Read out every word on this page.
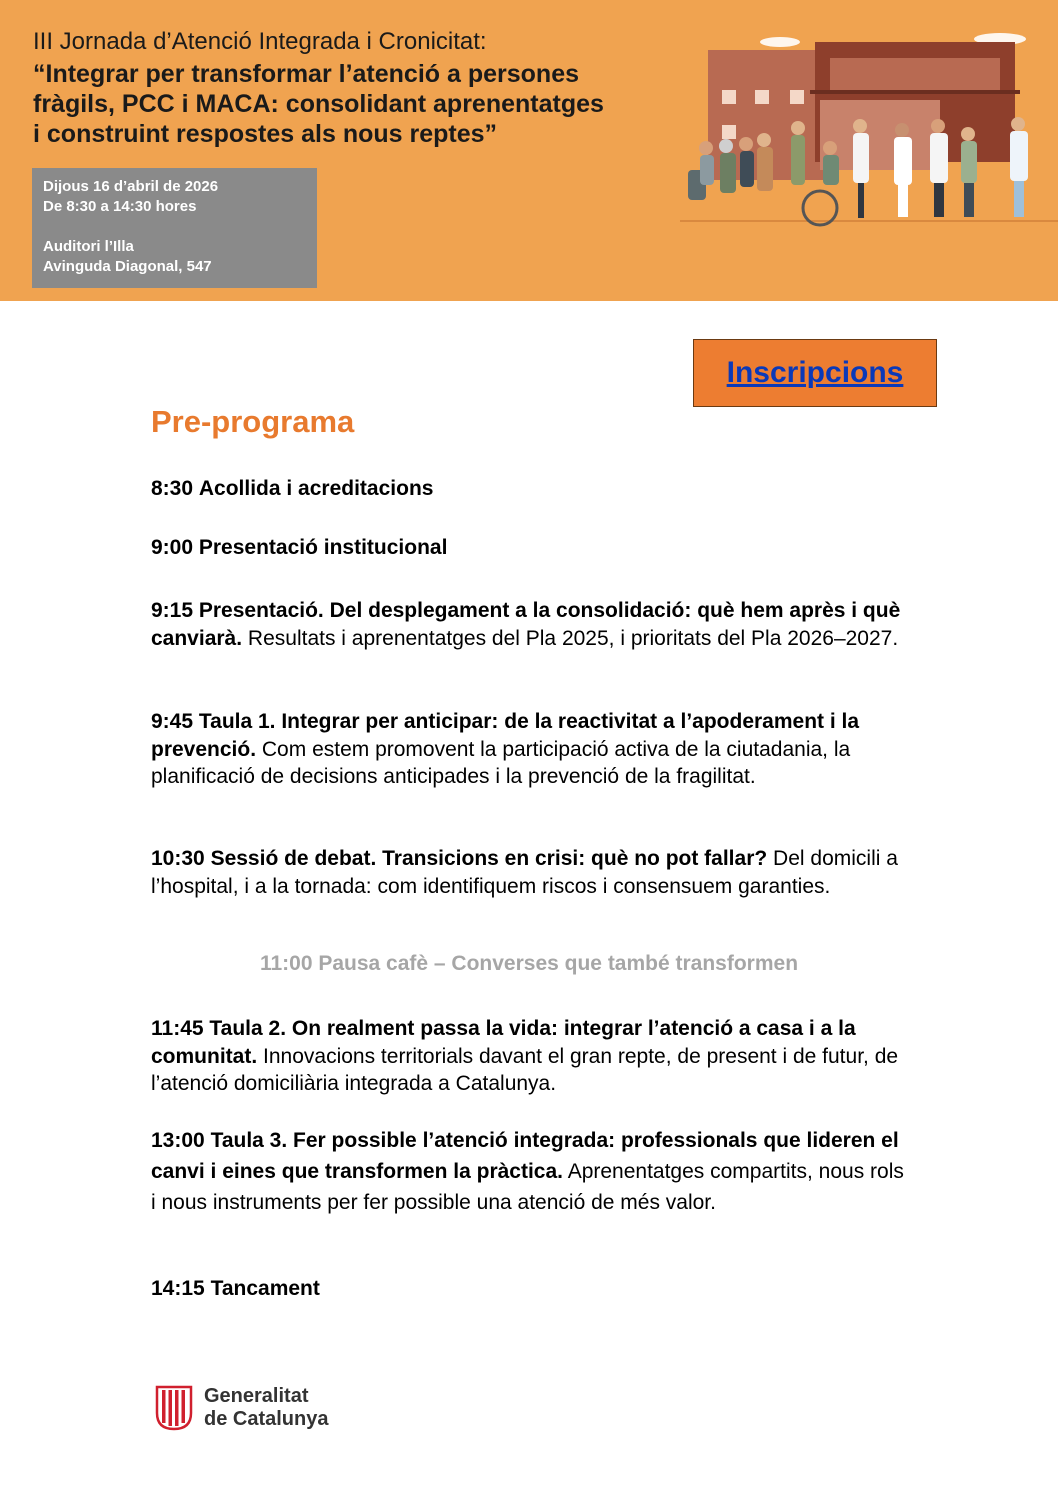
III Jornada d’Atenció Integrada i Cronicitat:
“Integrar per transformar l’atenció a persones
fràgils, PCC i MACA: consolidant aprenentatges
i construint respostes als nous reptes”
Dijous 16 d’abril de 2026
De 8:30 a 14:30 hores
Auditori l’Illa
Avinguda Diagonal, 547
Inscripcions
Pre-programa
8:30 Acollida i acreditacions
9:00 Presentació institucional
9:15 Presentació. Del desplegament a la consolidació: què hem après i què canviarà. Resultats i aprenentatges del Pla 2025, i prioritats del Pla 2026–2027.
9:45 Taula 1. Integrar per anticipar: de la reactivitat a l’apoderament i la prevenció. Com estem promovent la participació activa de la ciutadania, la planificació de decisions anticipades i la prevenció de la fragilitat.
10:30 Sessió de debat. Transicions en crisi: què no pot fallar? Del domicili a l’hospital, i a la tornada: com identifiquem riscos i consensuem garanties.
11:00 Pausa cafè – Converses que també transformen
11:45 Taula 2. On realment passa la vida: integrar l’atenció a casa i a la comunitat. Innovacions territorials davant el gran repte, de present i de futur, de l’atenció domiciliària integrada a Catalunya.
13:00 Taula 3. Fer possible l’atenció integrada: professionals que lideren el canvi i eines que transformen la pràctica. Aprenentatges compartits, nous rols i nous instruments per fer possible una atenció de més valor.
14:15 Tancament
Generalitat
de Catalunya
